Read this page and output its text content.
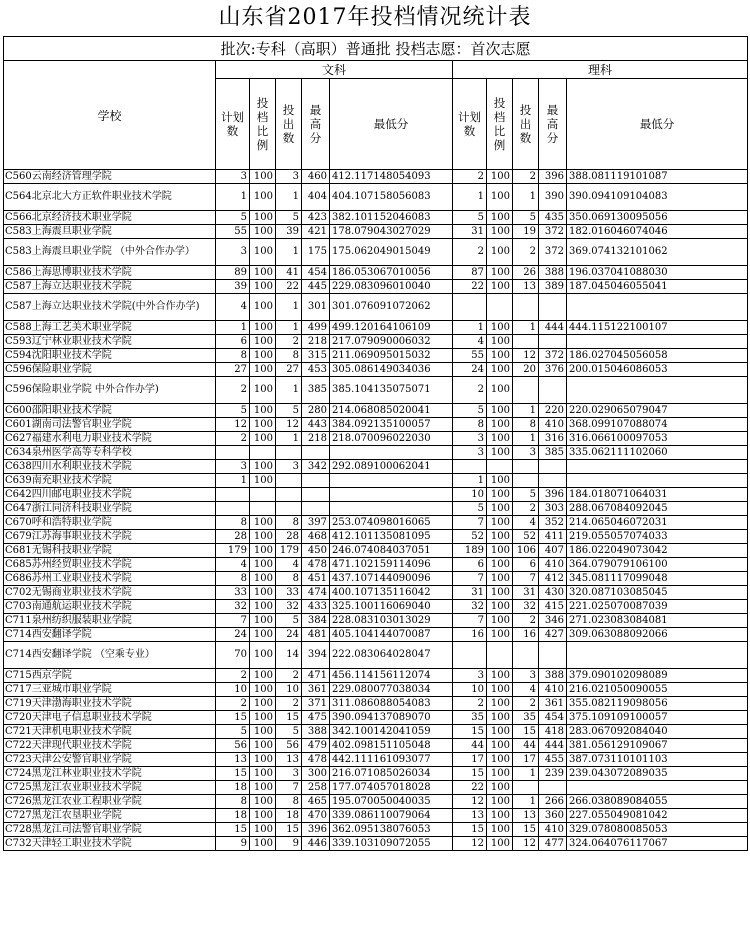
山东省2017年投档情况统计表
批次:专科（高职）普通批 投档志愿：首次志愿										
学校	文科					理科				
	计划数	投档比例	投出数	最高分	最低分	计划数	投档比例	投出数	最高分	最低分
C560云南经济管理学院	3	100	3	460	412.117148054093	2	100	2	396	388.081119101087
C564北京北大方正软件职业技术学院	1	100	1	404	404.107158056083	1	100	1	390	390.094109104083
C566北京经济技术职业学院	5	100	5	423	382.101152046083	5	100	5	435	350.069130095056
C583上海震旦职业学院	55	100	39	421	178.079043027029	31	100	19	372	182.016046074046
C583上海震旦职业学院 （中外合作办学）	3	100	1	175	175.062049015049	2	100	2	372	369.074132101062
C586上海思博职业技术学院	89	100	41	454	186.053067010056	87	100	26	388	196.037041088030
C587上海立达职业技术学院	39	100	22	445	229.083096010040	22	100	13	389	187.045046055041
C587上海立达职业技术学院(中外合作办学)	4	100	1	301	301.076091072062					
C588上海工艺美术职业学院	1	100	1	499	499.120164106109	1	100	1	444	444.115122100107
C593辽宁林业职业技术学院	6	100	2	218	217.079090006032	4	100			
C594沈阳职业技术学院	8	100	8	315	211.069095015032	55	100	12	372	186.027045056058
C596保险职业学院	27	100	27	453	305.086149034036	24	100	20	376	200.015046086053
C596保险职业学院 中外合作办学)	2	100	1	385	385.104135075071	2	100			
C600邵阳职业技术学院	5	100	5	280	214.068085020041	5	100	1	220	220.029065079047
C601湖南司法警官职业学院	12	100	12	443	384.092135100057	8	100	8	410	368.099107088074
C627福建水利电力职业技术学院	2	100	1	218	218.070096022030	3	100	1	316	316.066100097053
C634泉州医学高等专科学校						3	100	3	385	335.062111102060
C638四川水利职业技术学院	3	100	3	342	292.089100062041					
C639南充职业技术学院	1	100				1	100			
C642四川邮电职业技术学院						10	100	5	396	184.018071064031
C647浙江同济科技职业学院						5	100	2	303	288.067084092045
C670呼和浩特职业学院	8	100	8	397	253.074098016065	7	100	4	352	214.065046072031
C679江苏海事职业技术学院	28	100	28	468	412.101135081095	52	100	52	411	219.055057074033
C681无锡科技职业学院	179	100	179	450	246.074084037051	189	100	106	407	186.022049073042
C685苏州经贸职业技术学院	4	100	4	478	471.102159114096	6	100	6	410	364.079079106100
C686苏州工业职业技术学院	8	100	8	451	437.107144090096	7	100	7	412	345.081117099048
C702无锡商业职业技术学院	33	100	33	474	400.107135116042	31	100	31	430	320.087103085045
C703南通航运职业技术学院	32	100	32	433	325.100116069040	32	100	32	415	221.025070087039
C711泉州纺织服装职业学院	7	100	5	384	228.083103013029	7	100	2	346	271.023083084081
C714西安翻译学院	24	100	24	481	405.104144070087	16	100	16	427	309.063088092066
C714西安翻译学院 （空乘专业）	70	100	14	394	222.083064028047					
C715西京学院	2	100	2	471	456.114156112074	3	100	3	388	379.090102098089
C717三亚城市职业学院	10	100	10	361	229.080077038034	10	100	4	410	216.021050090055
C719天津渤海职业技术学院	2	100	2	371	311.086088054083	2	100	2	361	355.082119098056
C720天津电子信息职业技术学院	15	100	15	475	390.094137089070	35	100	35	454	375.109109100057
C721天津机电职业技术学院	5	100	5	388	342.100142041059	15	100	15	418	283.067092084040
C722天津现代职业技术学院	56	100	56	479	402.098151105048	44	100	44	444	381.056129109067
C723天津公安警官职业学院	13	100	13	478	442.111161093077	17	100	17	455	387.073110101103
C724黑龙江林业职业技术学院	15	100	3	300	216.071085026034	15	100	1	239	239.043072089035
C725黑龙江农业职业技术学院	18	100	7	258	177.074057018028	22	100			
C726黑龙江农业工程职业学院	8	100	8	465	195.070050040035	12	100	1	266	266.038089084055
C727黑龙江农垦职业学院	18	100	18	470	339.086110079064	13	100	13	360	227.055049081042
C728黑龙江司法警官职业学院	15	100	15	396	362.095138076053	15	100	15	410	329.078080085053
C732天津轻工职业技术学院	9	100	9	446	339.103109072055	12	100	12	477	324.064076117067
